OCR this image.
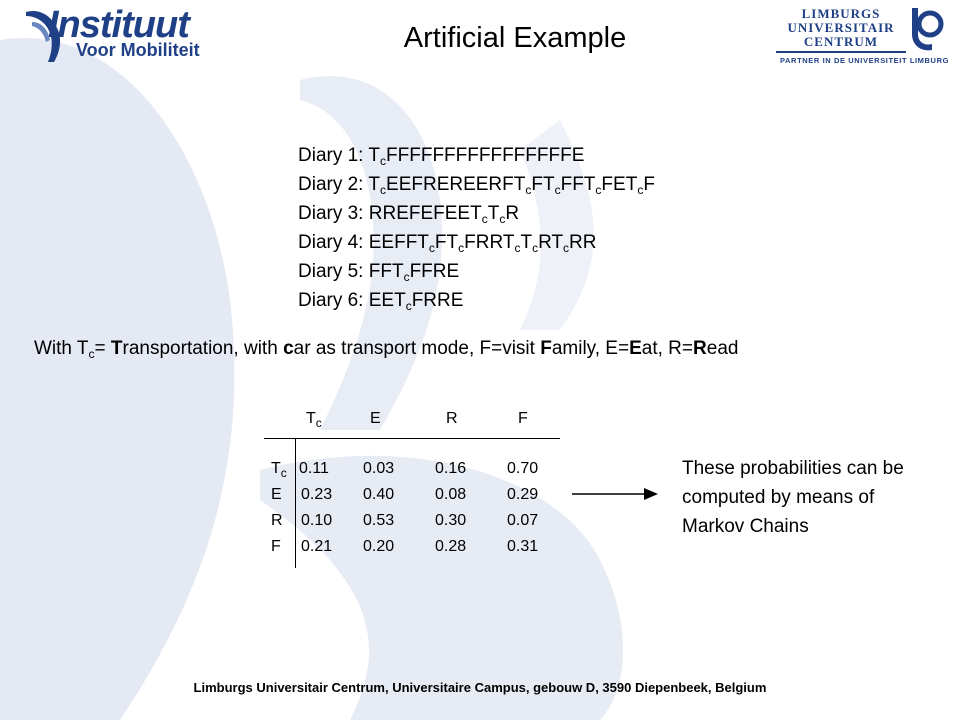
Instituut
Voor Mobiliteit
LIMBURGS
UNIVERSITAIR
CENTRUM
PARTNER IN DE UNIVERSITEIT LIMBURG
Artificial Example
Diary 1: $T_cFFFFFFFFFFFFFFFFE$
Diary 2: $T_cEEFREREERFT_cFT_cFFT_cFET_cF$
Diary 3: $RREFEFEET_cT_cR$
Diary 4: $EEFFT_cFT_cFRRT_cT_cRT_cRR$
Diary 5: $FFT_cFFRE$
Diary 6: $EET_cFRRE$
With $T_c=$ Transportation, with car as transport mode, F=visit Family, E=Eat, R=Read
$T_c$	E	R	F
$T_c$ 0.11 0.03	0.16	0.70
E 0.23 0.40	0.08	0.29
R 0.10 0.53	0.30	0.07
F 0.21 0.20	0.28	0.31
These probabilities can be computed by means of Markov Chains
Limburgs Universitair Centrum, Universitaire Campus, gebouw D, 3590 Diepenbeek, Belgium
